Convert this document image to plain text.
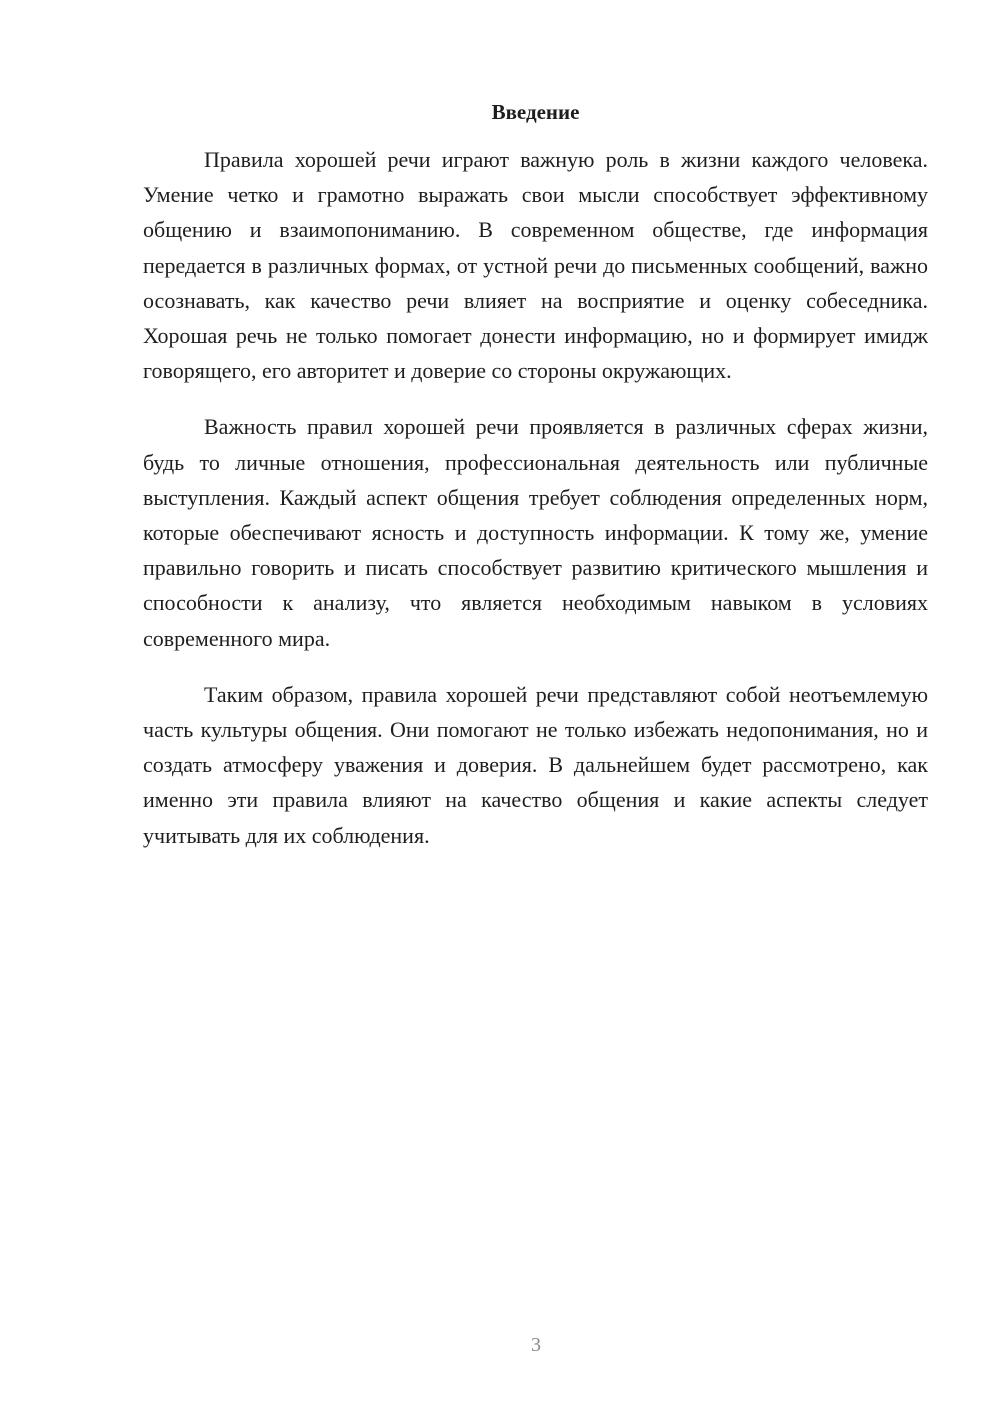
Введение

Правила хорошей речи играют важную роль в жизни каждого человека. Умение четко и грамотно выражать свои мысли способствует эффективному общению и взаимопониманию. В современном обществе, где информация передается в различных формах, от устной речи до письменных сообщений, важно осознавать, как качество речи влияет на восприятие и оценку собеседника. Хорошая речь не только помогает донести информацию, но и формирует имидж говорящего, его авторитет и доверие со стороны окружающих.

Важность правил хорошей речи проявляется в различных сферах жизни, будь то личные отношения, профессиональная деятельность или публичные выступления. Каждый аспект общения требует соблюдения определенных норм, которые обеспечивают ясность и доступность информации. К тому же, умение правильно говорить и писать способствует развитию критического мышления и способности к анализу, что является необходимым навыком в условиях современного мира.

Таким образом, правила хорошей речи представляют собой неотъемлемую часть культуры общения. Они помогают не только избежать недопонимания, но и создать атмосферу уважения и доверия. В дальнейшем будет рассмотрено, как именно эти правила влияют на качество общения и какие аспекты следует учитывать для их соблюдения.

3
